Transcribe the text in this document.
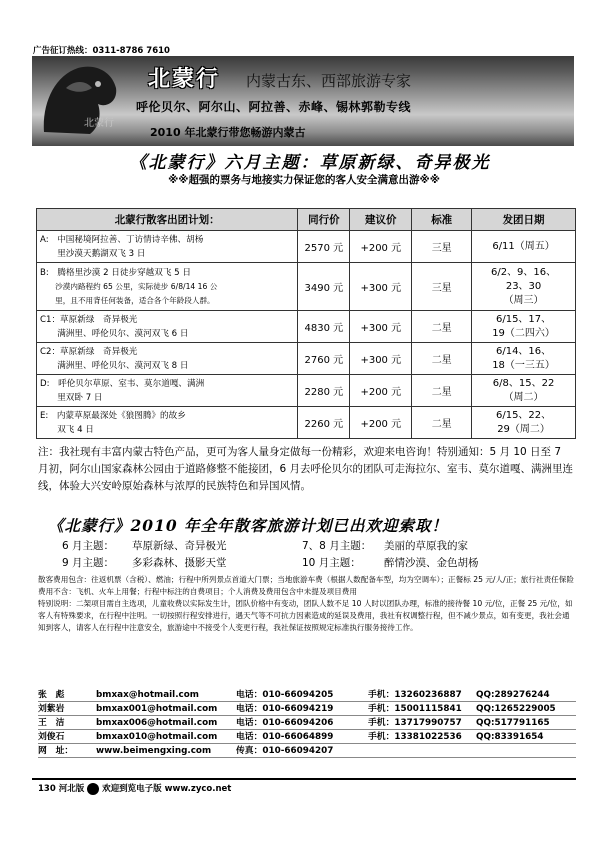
广告征订热线：0311-8786 7610
北蒙行
北蒙行 内蒙古东、西部旅游专家
呼伦贝尔、阿尔山、阿拉善、赤峰、锡林郭勒专线
2010 年北蒙行带您畅游内蒙古
《北蒙行》六月主题：草原新绿、奇异极光
※※超强的票务与地接实力保证您的客人安全满意出游※※
北蒙行散客出团计划：	同行价	建议价	标准	发团日期

A:　中国秘境阿拉善、丁访情诗辛佛、胡杨
　　里沙漠天鹅湖双飞 3 日	2570 元	+200 元	三星	6/11（周五）

B:　腾格里沙漠 2 日徒步穿越双飞 5 日
　　沙漠内路程约 65 公里，实际徒步 6/8/14 16 公
　　里，且不用背任何装备，适合各个年龄段人群。	3490 元	+300 元	三星	6/2、9、16、
23、30
（周三）

C1：草原新绿　奇异极光
　　满洲里、呼伦贝尔、漠河双飞 6 日	4830 元	+300 元	二星	6/15、17、
19（二四六）

C2：草原新绿　奇异极光
　　满洲里、呼伦贝尔、漠河双飞 8 日	2760 元	+300 元	二星	6/14、16、
18（一三五）

D:　呼伦贝尔草原、室韦、莫尔道嘎、满洲
　　里双卧 7 日	2280 元	+200 元	二星	6/8、15、22
（周二）

E:　内蒙草原最深处《狼图腾》的故乡
　　双飞 4 日	2260 元	+200 元	二星	6/15、22、
29（周二）
注：我社现有丰富内蒙古特色产品，更可为客人量身定做每一份精彩，欢迎来电咨询！特别通知：5 月 10 日至 7 月初，阿尔山国家森林公园由于道路修整不能接团，6 月去呼伦贝尔的团队可走海拉尔、室韦、莫尔道嘎、满洲里连线，体验大兴安岭原始森林与浓厚的民族特色和异国风情。
《北蒙行》2010 年全年散客旅游计划已出欢迎索取！
6 月主题： 草原新绿、奇异极光	7、8 月主题： 美丽的草原我的家
9 月主题： 多彩森林、摄影天堂	10 月主题： 醉情沙漠、金色胡杨
散客费用包含：往返机票（含税）、燃油；行程中所列景点首道大门票；当地旅游车费（根据人数配备车型，均为空调车）；正餐标 25 元/人/正；旅行社责任保险
费用不含：飞机、火车上用餐；行程中标注的自费项目；个人消费及费用包含中未提及项目费用
特别说明：二架项目需自主选项，儿童收费以实际发生计，团队价格中有变动，团队人数不足 10 人时以团队办理，标准的接待餐 10 元/位，正餐 25 元/位，如客人有特殊要求，在行程中注明。一切按照行程安排进行，遇天气等不可抗力因素造成的延误及费用，我社有权调整行程，但不减少景点，如有变更，我社会通知到客人，请客人在行程中注意安全，旅游途中不接受个人变更行程，我社保证按照规定标准执行服务接待工作。
张　彪	bmxax@hotmail.com	电话：010-66094205	手机：13260236887 QQ:289276244
刘紫岩	bmxax001@hotmail.com 电话：010-66094219	手机：15001115841 QQ:1265229005
王　洁	bmxax006@hotmail.com 电话：010-66094206	手机：13717990757 QQ:517791165
刘俊石	bmxax010@hotmail.com 电话：010-66064899	手机：13381022536 QQ:83391654
网　址：	www.beimengxing.com	传真：010-66094207
130 河北版 欢迎到览电子版 www.zyco.net
